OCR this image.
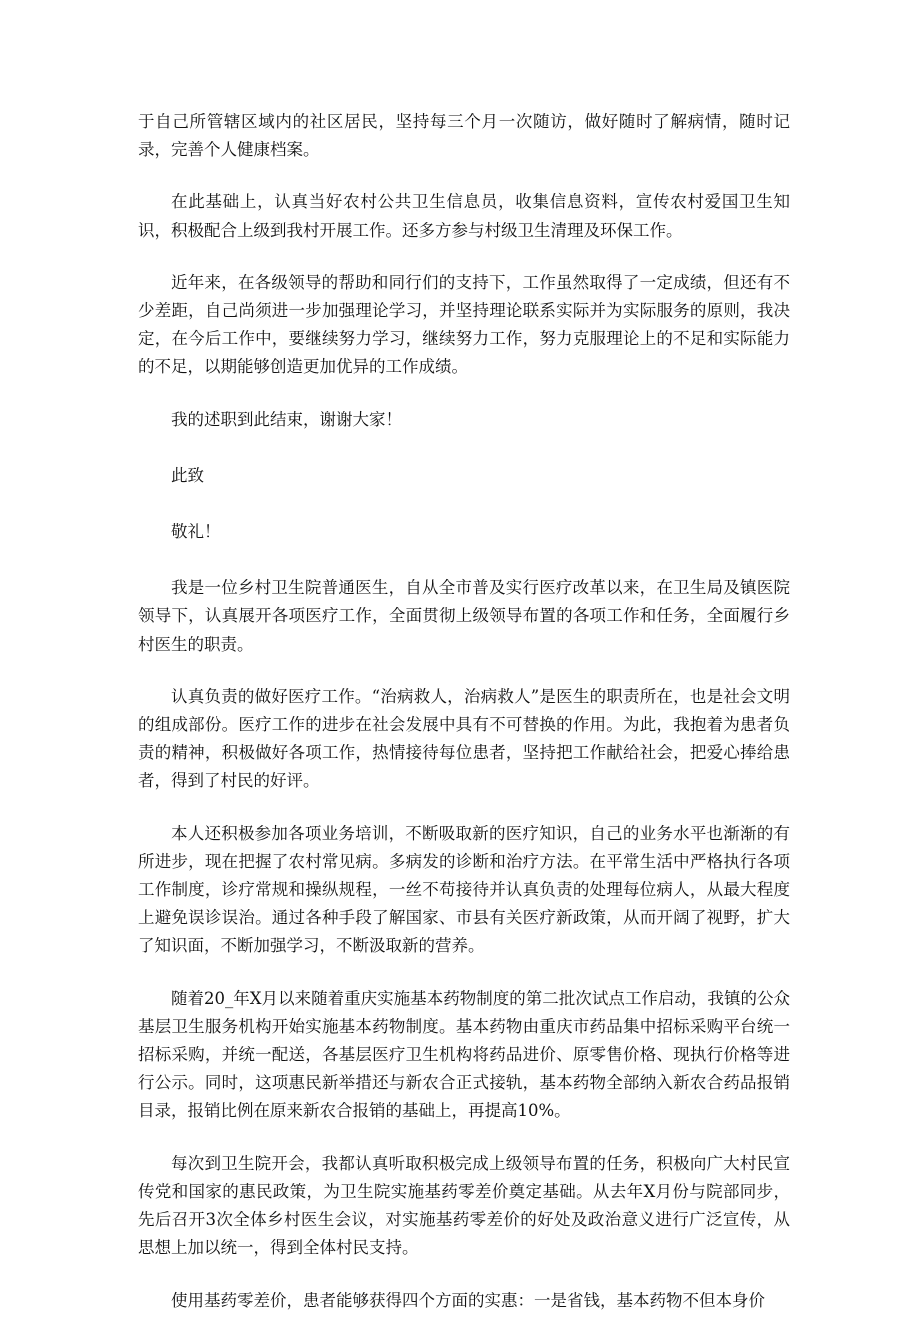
于自己所管辖区域内的社区居民，坚持每三个月一次随访，做好随时了解病情，随时记录，完善个人健康档案。

在此基础上，认真当好农村公共卫生信息员，收集信息资料，宣传农村爱国卫生知识，积极配合上级到我村开展工作。还多方参与村级卫生清理及环保工作。

近年来，在各级领导的帮助和同行们的支持下，工作虽然取得了一定成绩，但还有不少差距，自己尚须进一步加强理论学习，并坚持理论联系实际并为实际服务的原则，我决定，在今后工作中，要继续努力学习，继续努力工作，努力克服理论上的不足和实际能力的不足，以期能够创造更加优异的工作成绩。

我的述职到此结束，谢谢大家！

此致

敬礼！

我是一位乡村卫生院普通医生，自从全市普及实行医疗改革以来，在卫生局及镇医院领导下，认真展开各项医疗工作，全面贯彻上级领导布置的各项工作和任务，全面履行乡村医生的职责。

认真负责的做好医疗工作。“治病救人，治病救人”是医生的职责所在，也是社会文明的组成部份。医疗工作的进步在社会发展中具有不可替换的作用。为此，我抱着为患者负责的精神，积极做好各项工作，热情接待每位患者，坚持把工作献给社会，把爱心捧给患者，得到了村民的好评。

本人还积极参加各项业务培训，不断吸取新的医疗知识，自己的业务水平也渐渐的有所进步，现在把握了农村常见病。多病发的诊断和治疗方法。在平常生活中严格执行各项工作制度，诊疗常规和操纵规程，一丝不苟接待并认真负责的处理每位病人，从最大程度上避免误诊误治。通过各种手段了解国家、市县有关医疗新政策，从而开阔了视野，扩大了知识面，不断加强学习，不断汲取新的营养。

随着20_年X月以来随着重庆实施基本药物制度的第二批次试点工作启动，我镇的公众基层卫生服务机构开始实施基本药物制度。基本药物由重庆市药品集中招标采购平台统一招标采购，并统一配送，各基层医疗卫生机构将药品进价、原零售价格、现执行价格等进行公示。同时，这项惠民新举措还与新农合正式接轨，基本药物全部纳入新农合药品报销目录，报销比例在原来新农合报销的基础上，再提高10%。

每次到卫生院开会，我都认真听取积极完成上级领导布置的任务，积极向广大村民宣传党和国家的惠民政策，为卫生院实施基药零差价奠定基础。从去年X月份与院部同步，先后召开3次全体乡村医生会议，对实施基药零差价的好处及政治意义进行广泛宣传，从思想上加以统一，得到全体村民支持。

使用基药零差价，患者能够获得四个方面的实惠：一是省钱，基本药物不但本身价
